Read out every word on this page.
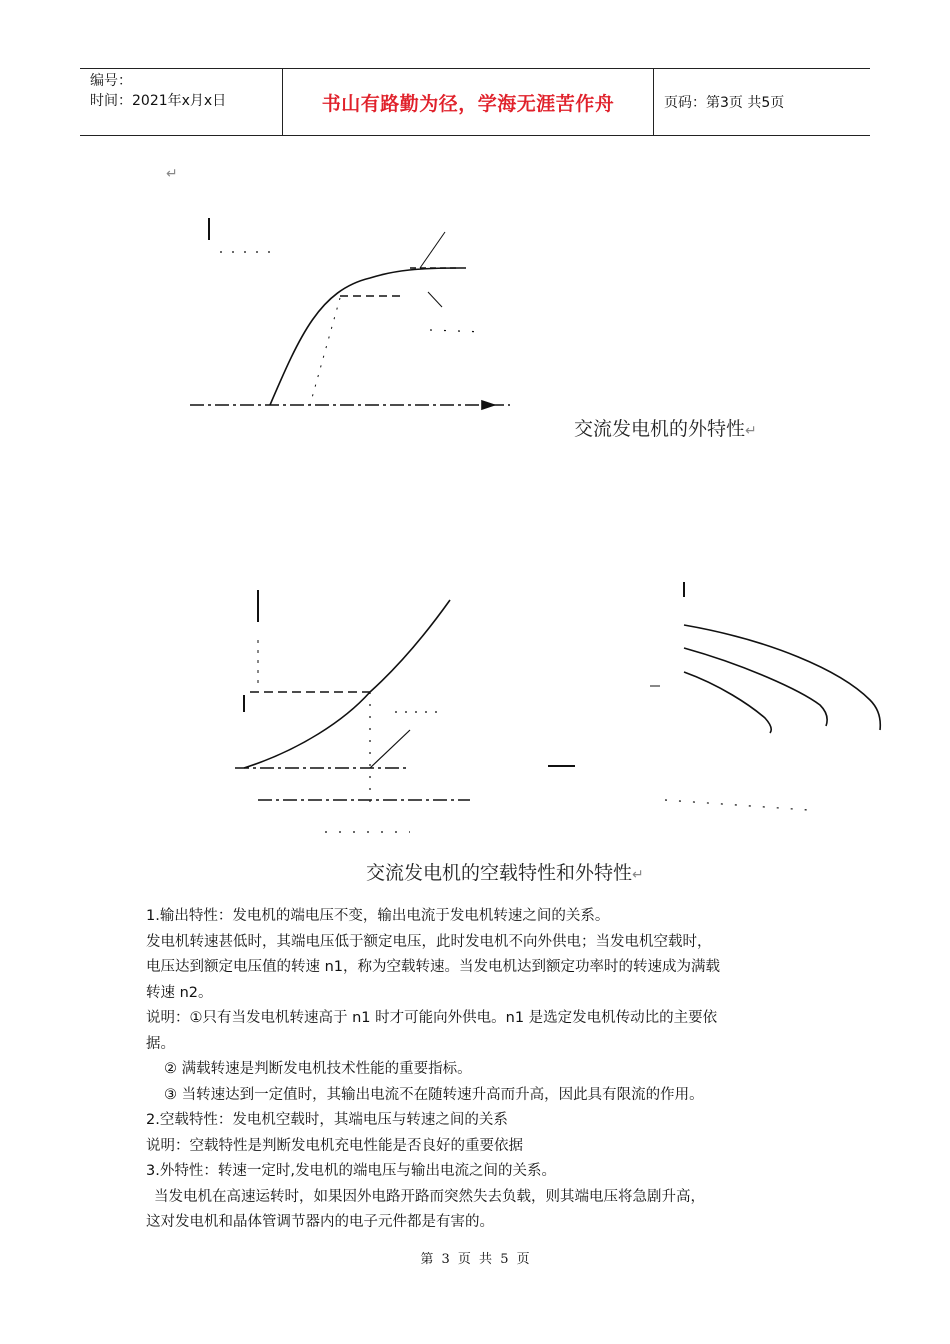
编号：
时间：2021年x月x日	书山有路勤为径，学海无涯苦作舟	页码：第3页 共5页
↵
交流发电机的外特性↵
交流发电机的空载特性和外特性↵

1.输出特性：发电机的端电压不变，输出电流于发电机转速之间的关系。

发电机转速甚低时，其端电压低于额定电压，此时发电机不向外供电；当发电机空载时，

电压达到额定电压值的转速 n1，称为空载转速。当发电机达到额定功率时的转速成为满载

转速 n2。

说明：①只有当发电机转速高于 n1 时才可能向外供电。n1 是选定发电机传动比的主要依

据。

② 满载转速是判断发电机技术性能的重要指标。

③ 当转速达到一定值时，其输出电流不在随转速升高而升高，因此具有限流的作用。

2.空载特性：发电机空载时，其端电压与转速之间的关系

说明：空载特性是判断发电机充电性能是否良好的重要依据

3.外特性：转速一定时,发电机的端电压与输出电流之间的关系。

当发电机在高速运转时，如果因外电路开路而突然失去负载，则其端电压将急剧升高，

这对发电机和晶体管调节器内的电子元件都是有害的。

第 3 页 共 5 页
